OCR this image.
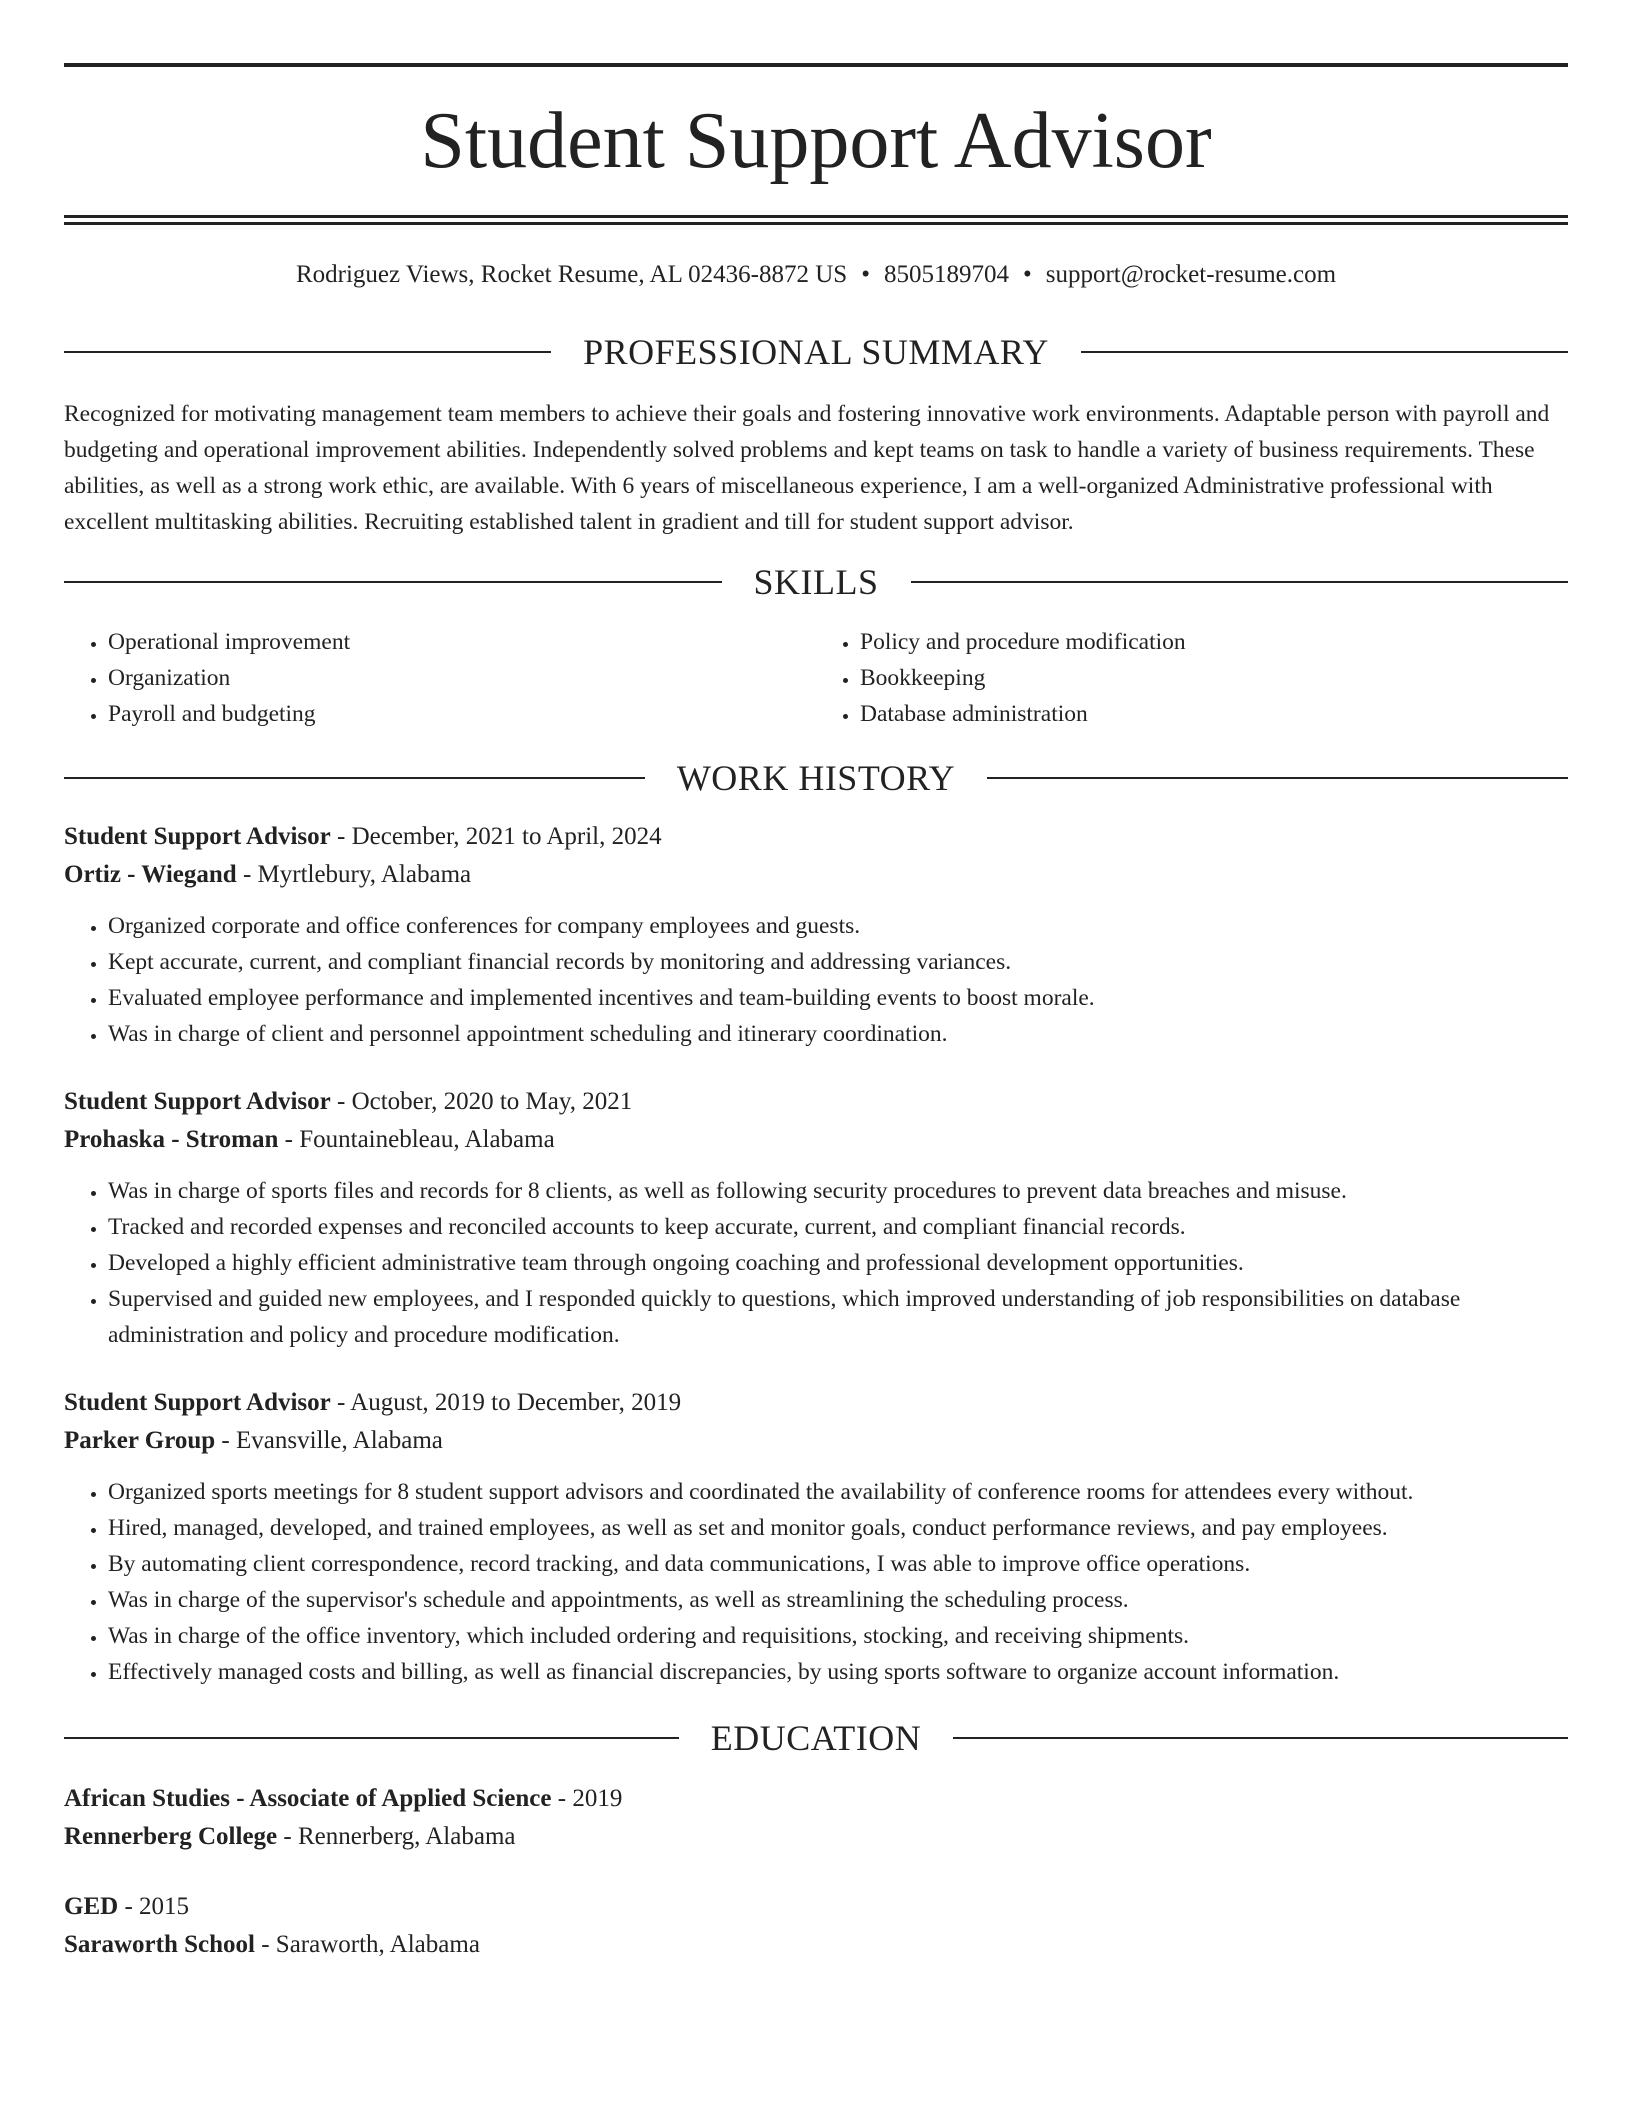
Student Support Advisor
Rodriguez Views, Rocket Resume, AL 02436-8872 US • 8505189704 • support@rocket-resume.com
PROFESSIONAL SUMMARY

Recognized for motivating management team members to achieve their goals and fostering innovative work environments. Adaptable person with payroll and budgeting and operational improvement abilities. Independently solved problems and kept teams on task to handle a variety of business requirements. These abilities, as well as a strong work ethic, are available. With 6 years of miscellaneous experience, I am a well-organized Administrative professional with excellent multitasking abilities. Recruiting established talent in gradient and till for student support advisor.

SKILLS
• Operational improvement
• Organization
• Payroll and budgeting
• Policy and procedure modification
• Bookkeeping
• Database administration
WORK HISTORY
Student Support Advisor - December, 2021 to April, 2024
Ortiz - Wiegand - Myrtlebury, Alabama
• Organized corporate and office conferences for company employees and guests.
• Kept accurate, current, and compliant financial records by monitoring and addressing variances.
• Evaluated employee performance and implemented incentives and team-building events to boost morale.
• Was in charge of client and personnel appointment scheduling and itinerary coordination.
Student Support Advisor - October, 2020 to May, 2021
Prohaska - Stroman - Fountainebleau, Alabama
• Was in charge of sports files and records for 8 clients, as well as following security procedures to prevent data breaches and misuse.
• Tracked and recorded expenses and reconciled accounts to keep accurate, current, and compliant financial records.
• Developed a highly efficient administrative team through ongoing coaching and professional development opportunities.
• Supervised and guided new employees, and I responded quickly to questions, which improved understanding of job responsibilities on database administration and policy and procedure modification.
Student Support Advisor - August, 2019 to December, 2019
Parker Group - Evansville, Alabama
• Organized sports meetings for 8 student support advisors and coordinated the availability of conference rooms for attendees every without.
• Hired, managed, developed, and trained employees, as well as set and monitor goals, conduct performance reviews, and pay employees.
• By automating client correspondence, record tracking, and data communications, I was able to improve office operations.
• Was in charge of the supervisor's schedule and appointments, as well as streamlining the scheduling process.
• Was in charge of the office inventory, which included ordering and requisitions, stocking, and receiving shipments.
• Effectively managed costs and billing, as well as financial discrepancies, by using sports software to organize account information.
EDUCATION
African Studies - Associate of Applied Science - 2019
Rennerberg College - Rennerberg, Alabama
GED - 2015
Saraworth School - Saraworth, Alabama
